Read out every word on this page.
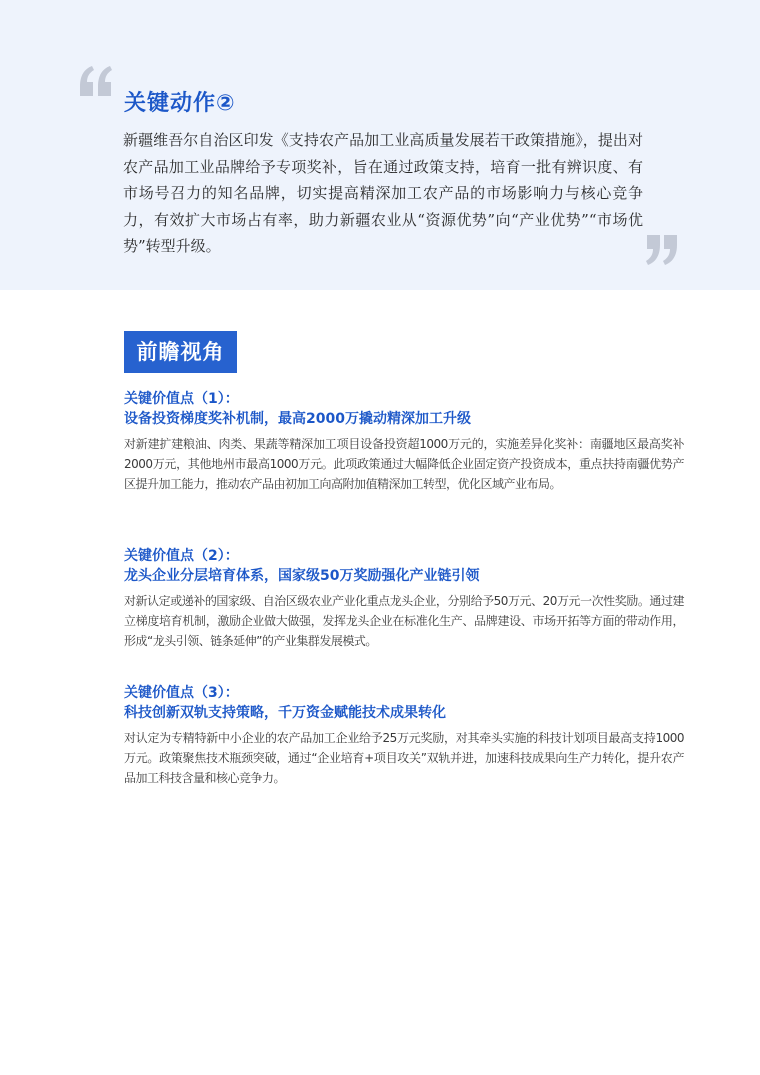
关键动作②

新疆维吾尔自治区印发《支持农产品加工业高质量发展若干政策措施》，提出对农产品加工业品牌给予专项奖补，旨在通过政策支持，培育一批有辨识度、有市场号召力的知名品牌，切实提高精深加工农产品的市场影响力与核心竞争力，有效扩大市场占有率，助力新疆农业从“资源优势”向“产业优势”“市场优势”转型升级。

前瞻视角

关键价值点（1）：

设备投资梯度奖补机制，最高2000万撬动精深加工升级

对新建扩建粮油、肉类、果蔬等精深加工项目设备投资超1000万元的，实施差异化奖补：南疆地区最高奖补2000万元，其他地州市最高1000万元。此项政策通过大幅降低企业固定资产投资成本，重点扶持南疆优势产区提升加工能力，推动农产品由初加工向高附加值精深加工转型，优化区域产业布局。

关键价值点（2）：

龙头企业分层培育体系，国家级50万奖励强化产业链引领

对新认定或递补的国家级、自治区级农业产业化重点龙头企业，分别给予50万元、20万元一次性奖励。通过建立梯度培育机制，激励企业做大做强，发挥龙头企业在标准化生产、品牌建设、市场开拓等方面的带动作用，形成“龙头引领、链条延伸”的产业集群发展模式。

关键价值点（3）：

科技创新双轨支持策略，千万资金赋能技术成果转化

对认定为专精特新中小企业的农产品加工企业给予25万元奖励，对其牵头实施的科技计划项目最高支持1000万元。政策聚焦技术瓶颈突破，通过“企业培育+项目攻关”双轨并进，加速科技成果向生产力转化，提升农产品加工科技含量和核心竞争力。
